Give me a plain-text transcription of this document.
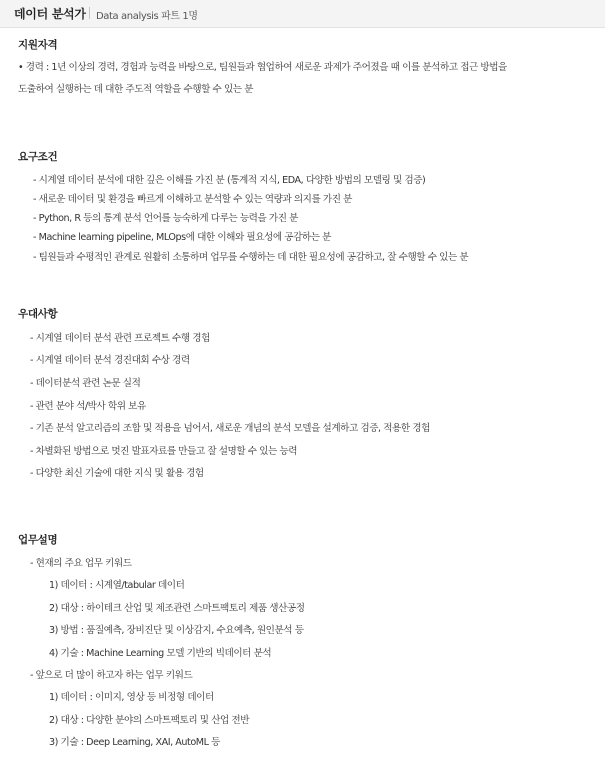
데이터 분석가 Data analysis 파트 1명
지원자격
• 경력 : 1년 이상의 경력, 경험과 능력을 바탕으로, 팀원들과 협업하여 새로운 과제가 주어졌을 때 이를 분석하고 접근 방법을
도출하여 실행하는 데 대한 주도적 역할을 수행할 수 있는 분
요구조건
- 시계열 데이터 분석에 대한 깊은 이해를 가진 분 (통계적 지식, EDA, 다양한 방법의 모델링 및 검증)
- 새로운 데이터 및 환경을 빠르게 이해하고 분석할 수 있는 역량과 의지를 가진 분
- Python, R 등의 통계 분석 언어를 능숙하게 다루는 능력을 가진 분
- Machine learning pipeline, MLOps에 대한 이해와 필요성에 공감하는 분
- 팀원들과 수평적인 관계로 원활히 소통하며 업무를 수행하는 데 대한 필요성에 공감하고, 잘 수행할 수 있는 분
우대사항
- 시계열 데이터 분석 관련 프로젝트 수행 경험
- 시계열 데이터 분석 경진대회 수상 경력
- 데이터분석 관련 논문 실적
- 관련 분야 석/박사 학위 보유
- 기존 분석 알고리즘의 조합 및 적용을 넘어서, 새로운 개념의 분석 모델을 설계하고 검증, 적용한 경험
- 차별화된 방법으로 멋진 발표자료를 만들고 잘 설명할 수 있는 능력
- 다양한 최신 기술에 대한 지식 및 활용 경험
업무설명
- 현재의 주요 업무 키워드
1) 데이터 : 시계열/tabular 데이터
2) 대상 : 하이테크 산업 및 제조관련 스마트팩토리 제품 생산공정
3) 방법 : 품질예측, 장비진단 및 이상감지, 수요예측, 원인분석 등
4) 기술 : Machine Learning 모델 기반의 빅데이터 분석
- 앞으로 더 많이 하고자 하는 업무 키워드
1) 데이터 : 이미지, 영상 등 비정형 데이터
2) 대상 : 다양한 분야의 스마트팩토리 및 산업 전반
3) 기술 : Deep Learning, XAI, AutoML 등
